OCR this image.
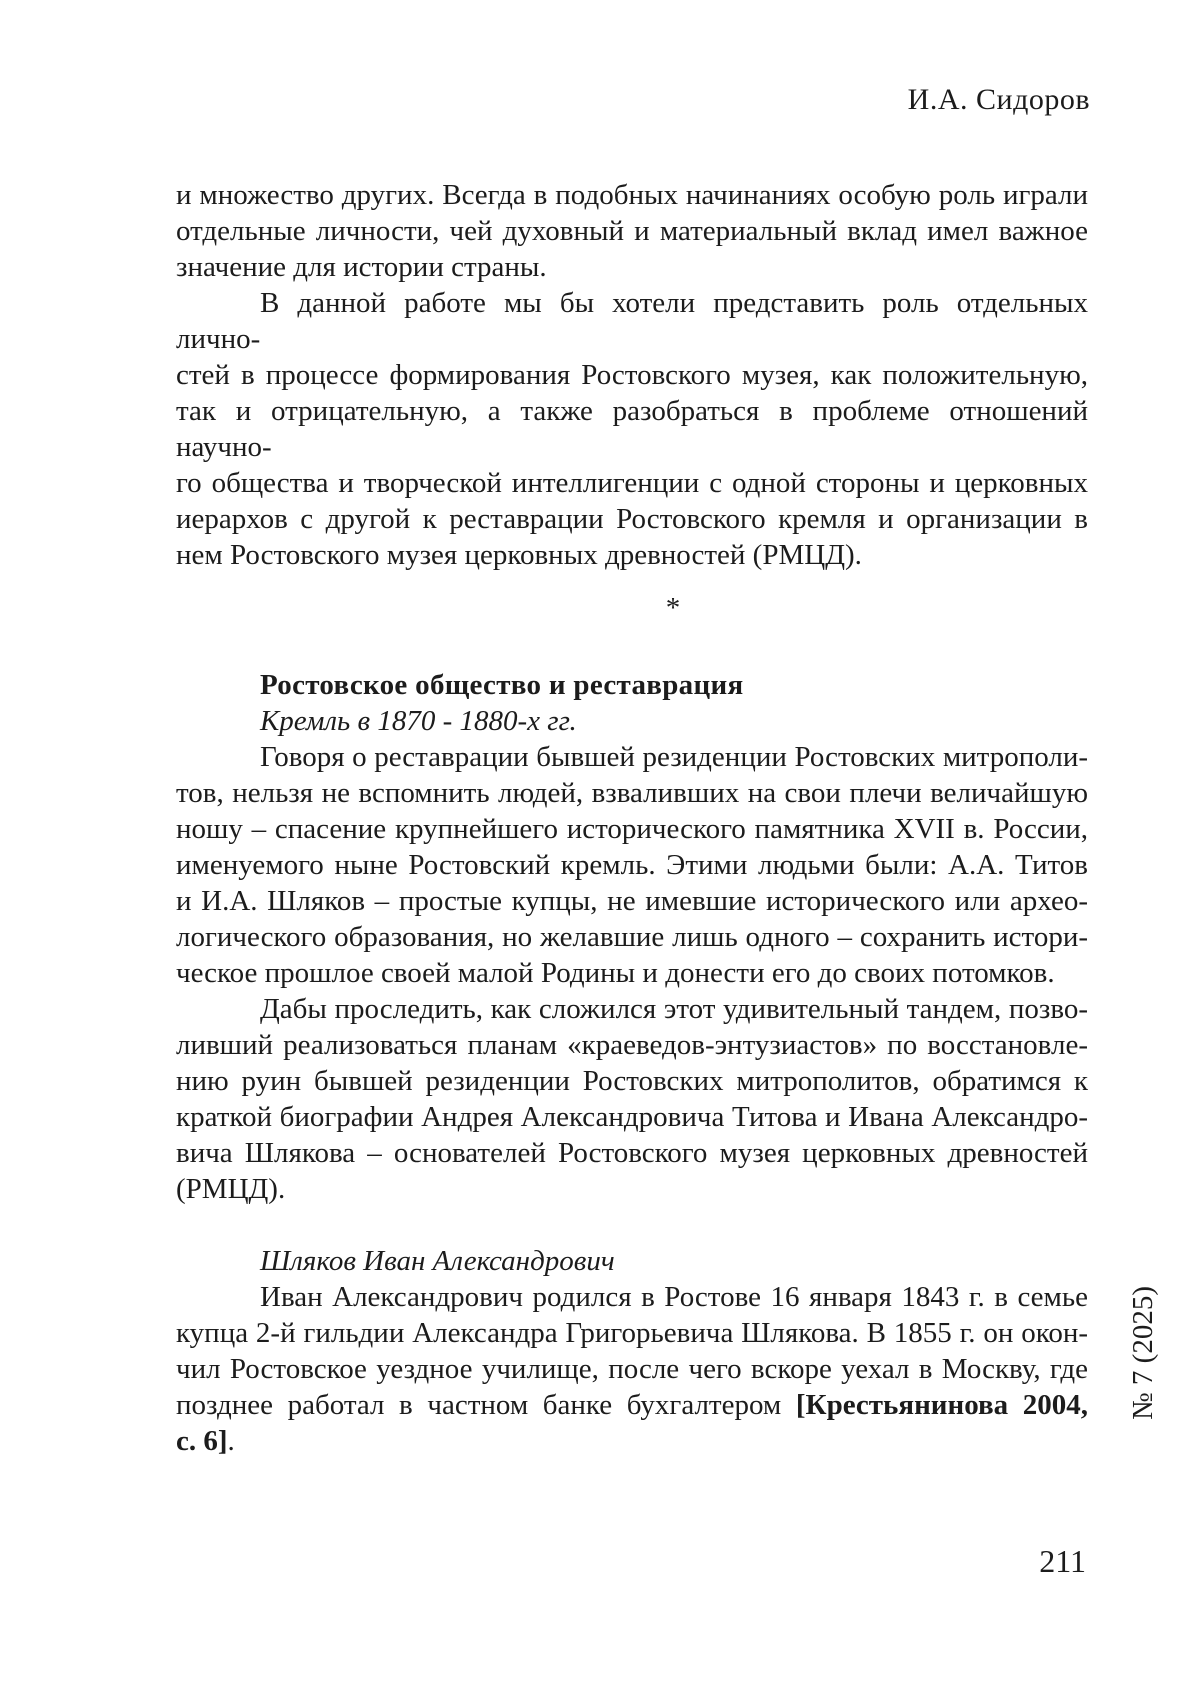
И.А. Сидоров
и множество других. Всегда в подобных начинаниях особую роль играли
отдельные личности, чей духовный и материальный вклад имел важное
значение для истории страны.
В данной работе мы бы хотели представить роль отдельных лично-
стей в процессе формирования Ростовского музея, как положительную,
так и отрицательную, а также разобраться в проблеме отношений научно-
го общества и творческой интеллигенции с одной стороны и церковных
иерархов с другой к реставрации Ростовского кремля и организации в
нем Ростовского музея церковных древностей (РМЦД).
*
Ростовское общество и реставрация
Кремль в 1870 - 1880-х гг.
Говоря о реставрации бывшей резиденции Ростовских митрополи-
тов, нельзя не вспомнить людей, взваливших на свои плечи величайшую
ношу – спасение крупнейшего исторического памятника XVII в. России,
именуемого ныне Ростовский кремль. Этими людьми были: А.А. Титов
и И.А. Шляков – простые купцы, не имевшие исторического или архео-
логического образования, но желавшие лишь одного – сохранить истори-
ческое прошлое своей малой Родины и донести его до своих потомков.
Дабы проследить, как сложился этот удивительный тандем, позво-
ливший реализоваться планам «краеведов-энтузиастов» по восстановле-
нию руин бывшей резиденции Ростовских митрополитов, обратимся к
краткой биографии Андрея Александровича Титова и Ивана Александро-
вича Шлякова – основателей Ростовского музея церковных древностей
(РМЦД).
Шляков Иван Александрович
Иван Александрович родился в Ростове 16 января 1843 г. в семье
купца 2-й гильдии Александра Григорьевича Шлякова. В 1855 г. он окон-
чил Ростовское уездное училище, после чего вскоре уехал в Москву, где
позднее работал в частном банке бухгалтером [Крестьянинова 2004,
с. 6].
№ 7 (2025)
211
